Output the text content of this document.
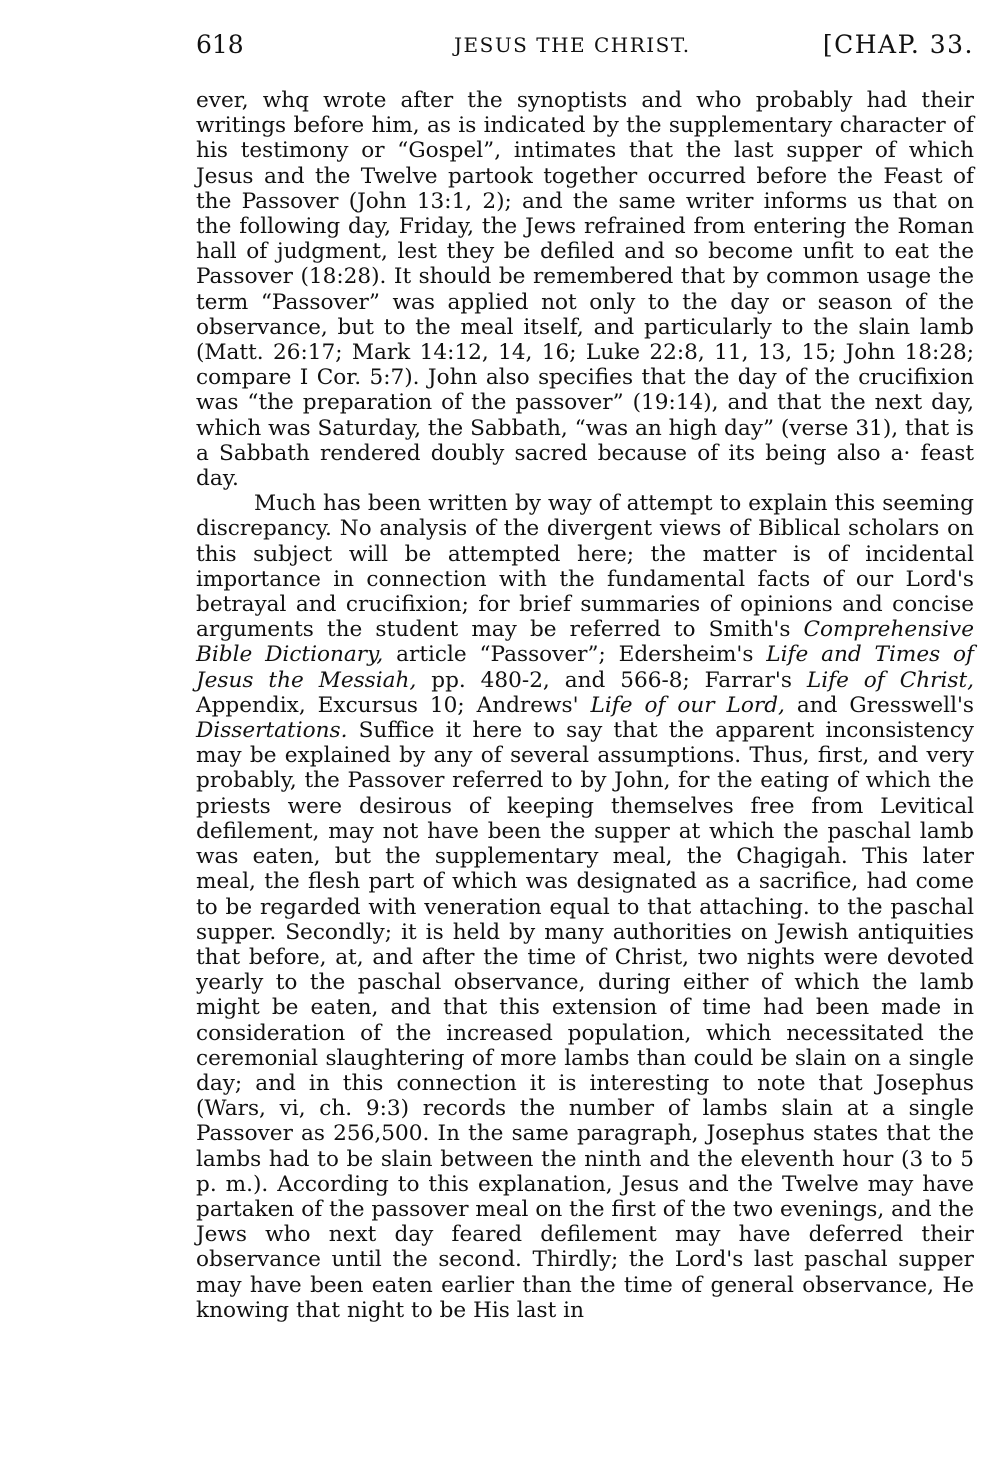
618	JESUS THE CHRIST.	[CHAP. 33.

ever, whq wrote after the synoptists and who probably had their writings before him, as is indicated by the supplementary character of his testimony or “Gospel”, intimates that the last supper of which Jesus and the Twelve partook together occurred before the Feast of the Passover (John 13:1, 2); and the same writer informs us that on the following day, Friday, the Jews refrained from entering the Roman hall of judgment, lest they be defiled and so become unfit to eat the Passover (18:28). It should be remembered that by common usage the term “Passover” was applied not only to the day or season of the observance, but to the meal itself, and particularly to the slain lamb (Matt. 26:17; Mark 14:12, 14, 16; Luke 22:8, 11, 13, 15; John 18:28; compare I Cor. 5:7). John also specifies that the day of the crucifixion was “the preparation of the passover” (19:14), and that the next day, which was Saturday, the Sabbath, “was an high day” (verse 31), that is a Sabbath rendered doubly sacred because of its being also a· feast day.

Much has been written by way of attempt to explain this seeming discrepancy. No analysis of the divergent views of Biblical scholars on this subject will be attempted here; the matter is of incidental importance in connection with the fundamental facts of our Lord's betrayal and crucifixion; for brief summaries of opinions and concise arguments the student may be referred to Smith's Comprehensive Bible Dictionary, article “Passover”; Edersheim's Life and Times of Jesus the Messiah, pp. 480-2, and 566-8; Farrar's Life of Christ, Appendix, Excursus 10; Andrews' Life of our Lord, and Gresswell's Dissertations. Suffice it here to say that the apparent inconsistency may be explained by any of several assumptions. Thus, first, and very probably, the Passover referred to by John, for the eating of which the priests were desirous of keeping themselves free from Levitical defilement, may not have been the supper at which the paschal lamb was eaten, but the supplementary meal, the Chagigah. This later meal, the flesh part of which was designated as a sacrifice, had come to be regarded with veneration equal to that attaching. to the paschal supper. Secondly; it is held by many authorities on Jewish antiquities that before, at, and after the time of Christ, two nights were devoted yearly to the paschal observance, during either of which the lamb might be eaten, and that this extension of time had been made in consideration of the increased population, which necessitated the ceremonial slaughtering of more lambs than could be slain on a single day; and in this connection it is interesting to note that Josephus (Wars, vi, ch. 9:3) records the number of lambs slain at a single Passover as 256,500. In the same paragraph, Josephus states that the lambs had to be slain between the ninth and the eleventh hour (3 to 5 p. m.). According to this explanation, Jesus and the Twelve may have partaken of the passover meal on the first of the two evenings, and the Jews who next day feared defilement may have deferred their observance until the second. Thirdly; the Lord's last paschal supper may have been eaten earlier than the time of general observance, He knowing that night to be His last in
